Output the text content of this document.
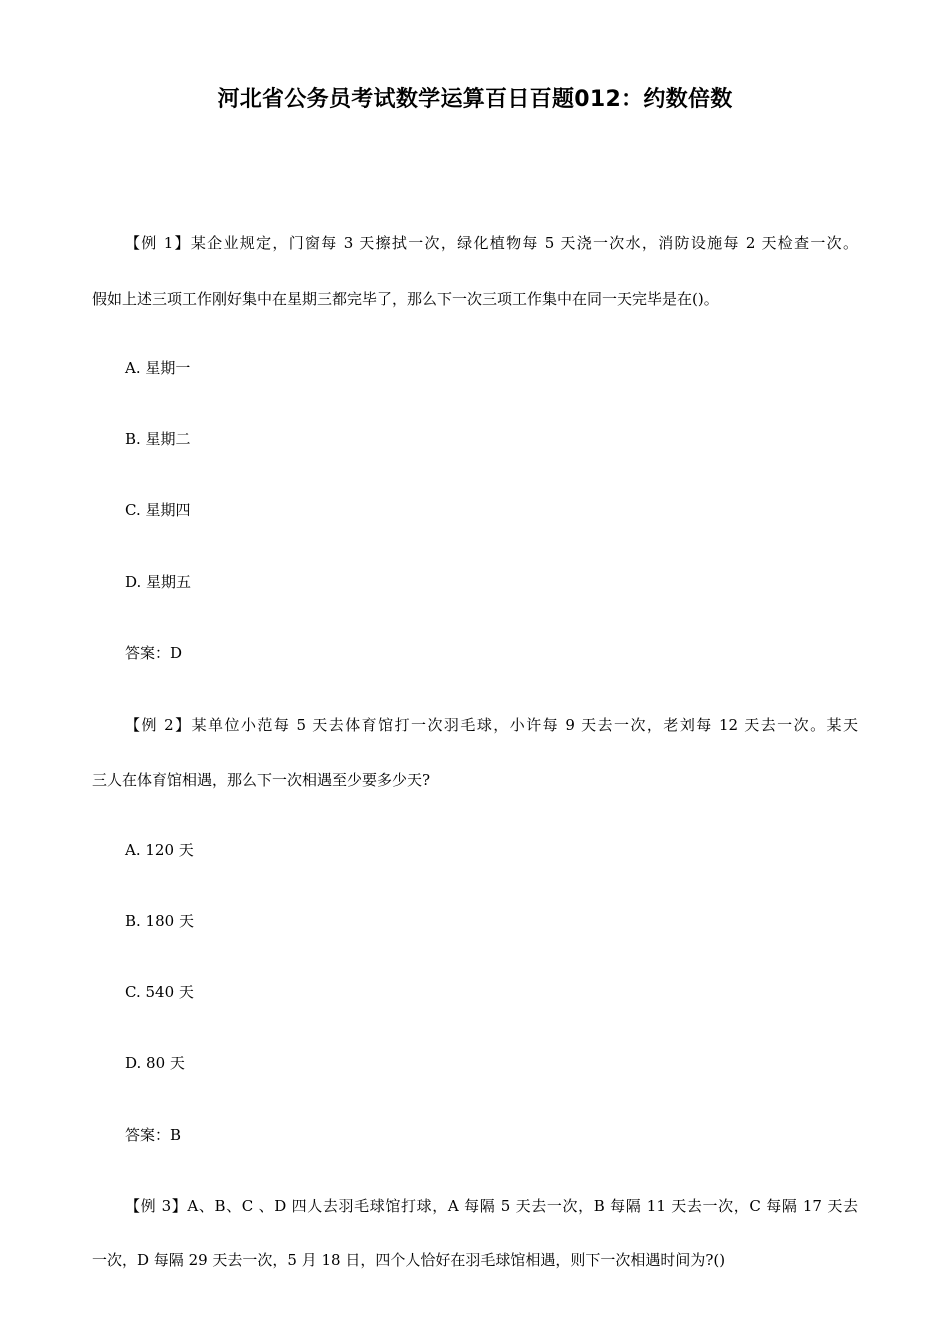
河北省公务员考试数学运算百日百题012：约数倍数
【例 1】某企业规定，门窗每 3 天擦拭一次，绿化植物每 5 天浇一次水，消防设施每 2 天检查一次。
假如上述三项工作刚好集中在星期三都完毕了，那么下一次三项工作集中在同一天完毕是在()。
A. 星期一
B. 星期二
C. 星期四
D. 星期五
答案：D
【例 2】某单位小范每 5 天去体育馆打一次羽毛球，小许每 9 天去一次，老刘每 12 天去一次。某天
三人在体育馆相遇，那么下一次相遇至少要多少天?
A. 120 天
B. 180 天
C. 540 天
D. 80 天
答案：B
【例 3】A、B、C 、D 四人去羽毛球馆打球，A 每隔 5 天去一次，B 每隔 11 天去一次，C 每隔 17 天去
一次，D 每隔 29 天去一次，5 月 18 日，四个人恰好在羽毛球馆相遇，则下一次相遇时间为?()
